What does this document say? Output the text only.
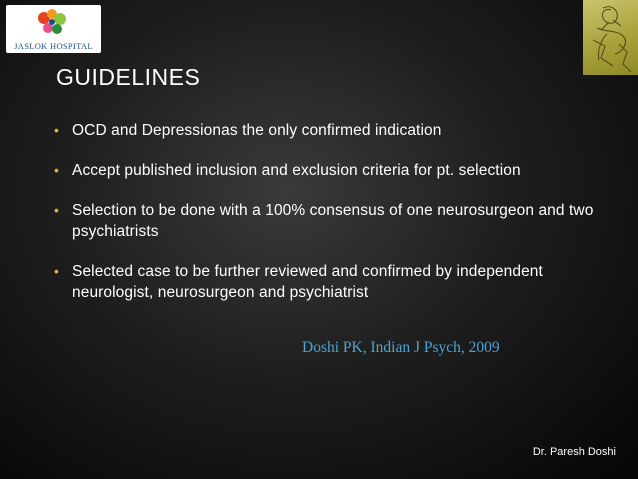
JASLOK HOSPITAL
GUIDELINES
• OCD and Depressionas the only confirmed indication
• Accept published inclusion and exclusion criteria for pt. selection
• Selection to be done with a 100% consensus of one neurosurgeon and two psychiatrists
• Selected case to be further reviewed and confirmed by independent neurologist, neurosurgeon and psychiatrist
Doshi PK, Indian J Psych, 2009
Dr. Paresh Doshi
